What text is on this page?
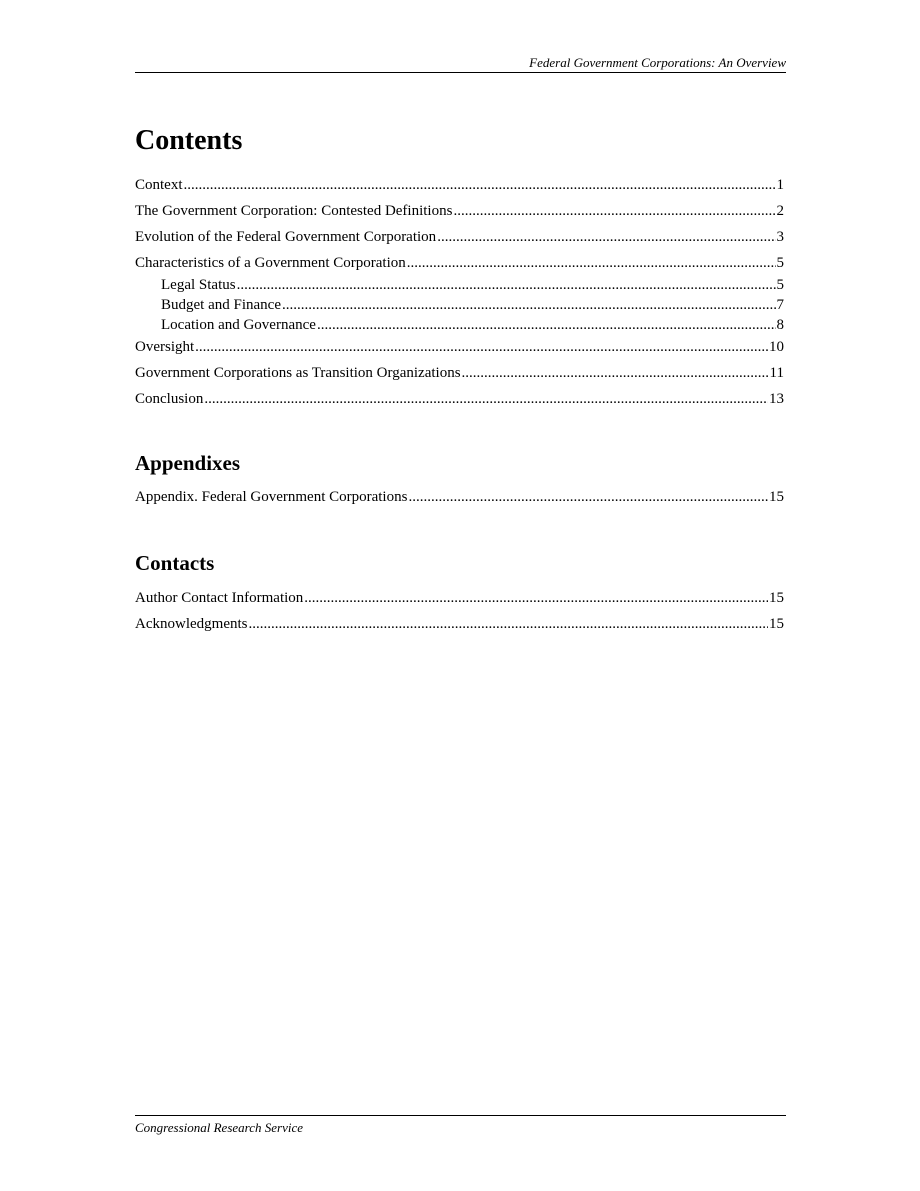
Federal Government Corporations: An Overview
Contents
Context .....	1
The Government Corporation: Contested Definitions .....	2
Evolution of the Federal Government Corporation .....	3
Characteristics of a Government Corporation .....	5
Legal Status .....	5
Budget and Finance .....	7
Location and Governance .....	8
Oversight .....	10
Government Corporations as Transition Organizations .....	11
Conclusion .....	13
Appendixes
Appendix. Federal Government Corporations .....	15
Contacts
Author Contact Information .....	15
Acknowledgments .....	15
Congressional Research Service
